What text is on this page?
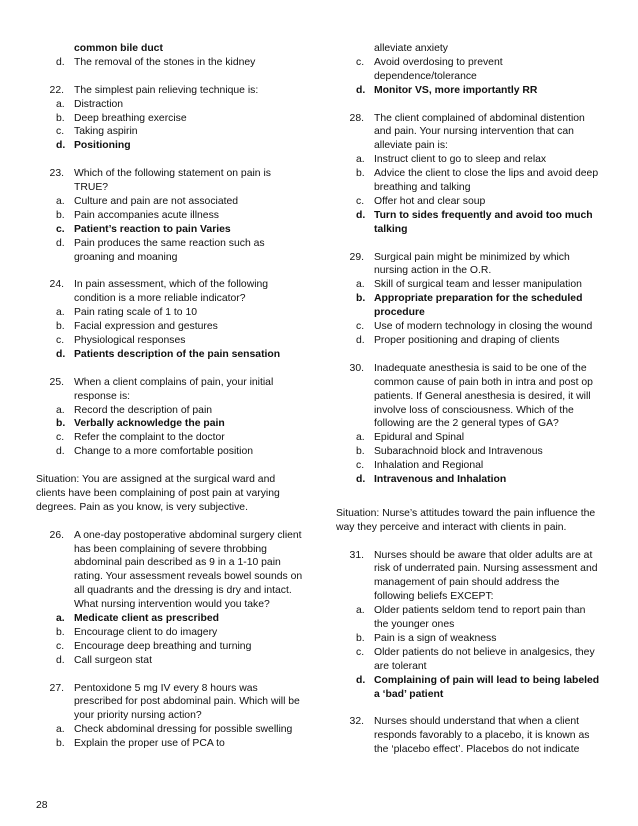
common bile duct
d. The removal of the stones in the kidney
22. The simplest pain relieving technique is:
a. Distraction
b. Deep breathing exercise
c. Taking aspirin
d. Positioning
23. Which of the following statement on pain is TRUE?
a. Culture and pain are not associated
b. Pain accompanies acute illness
c. Patient’s reaction to pain Varies
d. Pain produces the same reaction such as groaning and moaning
24. In pain assessment, which of the following condition is a more reliable indicator?
a. Pain rating scale of 1 to 10
b. Facial expression and gestures
c. Physiological responses
d. Patients description of the pain sensation
25. When a client complains of pain, your initial response is:
a. Record the description of pain
b. Verbally acknowledge the pain
c. Refer the complaint to the doctor
d. Change to a more comfortable position
Situation: You are assigned at the surgical ward and clients have been complaining of post pain at varying degrees. Pain as you know, is very subjective.
26. A one-day postoperative abdominal surgery client has been complaining of severe throbbing abdominal pain described as 9 in a 1-10 pain rating. Your assessment reveals bowel sounds on all quadrants and the dressing is dry and intact. What nursing intervention would you take?
a. Medicate client as prescribed
b. Encourage client to do imagery
c. Encourage deep breathing and turning
d. Call surgeon stat
27. Pentoxidone 5 mg IV every 8 hours was prescribed for post abdominal pain. Which will be your priority nursing action?
a. Check abdominal dressing for possible swelling
b. Explain the proper use of PCA to
alleviate anxiety
c. Avoid overdosing to prevent dependence/tolerance
d. Monitor VS, more importantly RR
28. The client complained of abdominal distention and pain. Your nursing intervention that can alleviate pain is:
a. Instruct client to go to sleep and relax
b. Advice the client to close the lips and avoid deep breathing and talking
c. Offer hot and clear soup
d. Turn to sides frequently and avoid too much talking
29. Surgical pain might be minimized by which nursing action in the O.R.
a. Skill of surgical team and lesser manipulation
b. Appropriate preparation for the scheduled procedure
c. Use of modern technology in closing the wound
d. Proper positioning and draping of clients
30. Inadequate anesthesia is said to be one of the common cause of pain both in intra and post op patients. If General anesthesia is desired, it will involve loss of consciousness. Which of the following are the 2 general types of GA?
a. Epidural and Spinal
b. Subarachnoid block and Intravenous
c. Inhalation and Regional
d. Intravenous and Inhalation
Situation: Nurse’s attitudes toward the pain influence the way they perceive and interact with clients in pain.
31. Nurses should be aware that older adults are at risk of underrated pain. Nursing assessment and management of pain should address the following beliefs EXCEPT:
a. Older patients seldom tend to report pain than the younger ones
b. Pain is a sign of weakness
c. Older patients do not believe in analgesics, they are tolerant
d. Complaining of pain will lead to being labeled a ‘bad’ patient
32. Nurses should understand that when a client responds favorably to a placebo, it is known as the ‘placebo effect’. Placebos do not indicate
28
